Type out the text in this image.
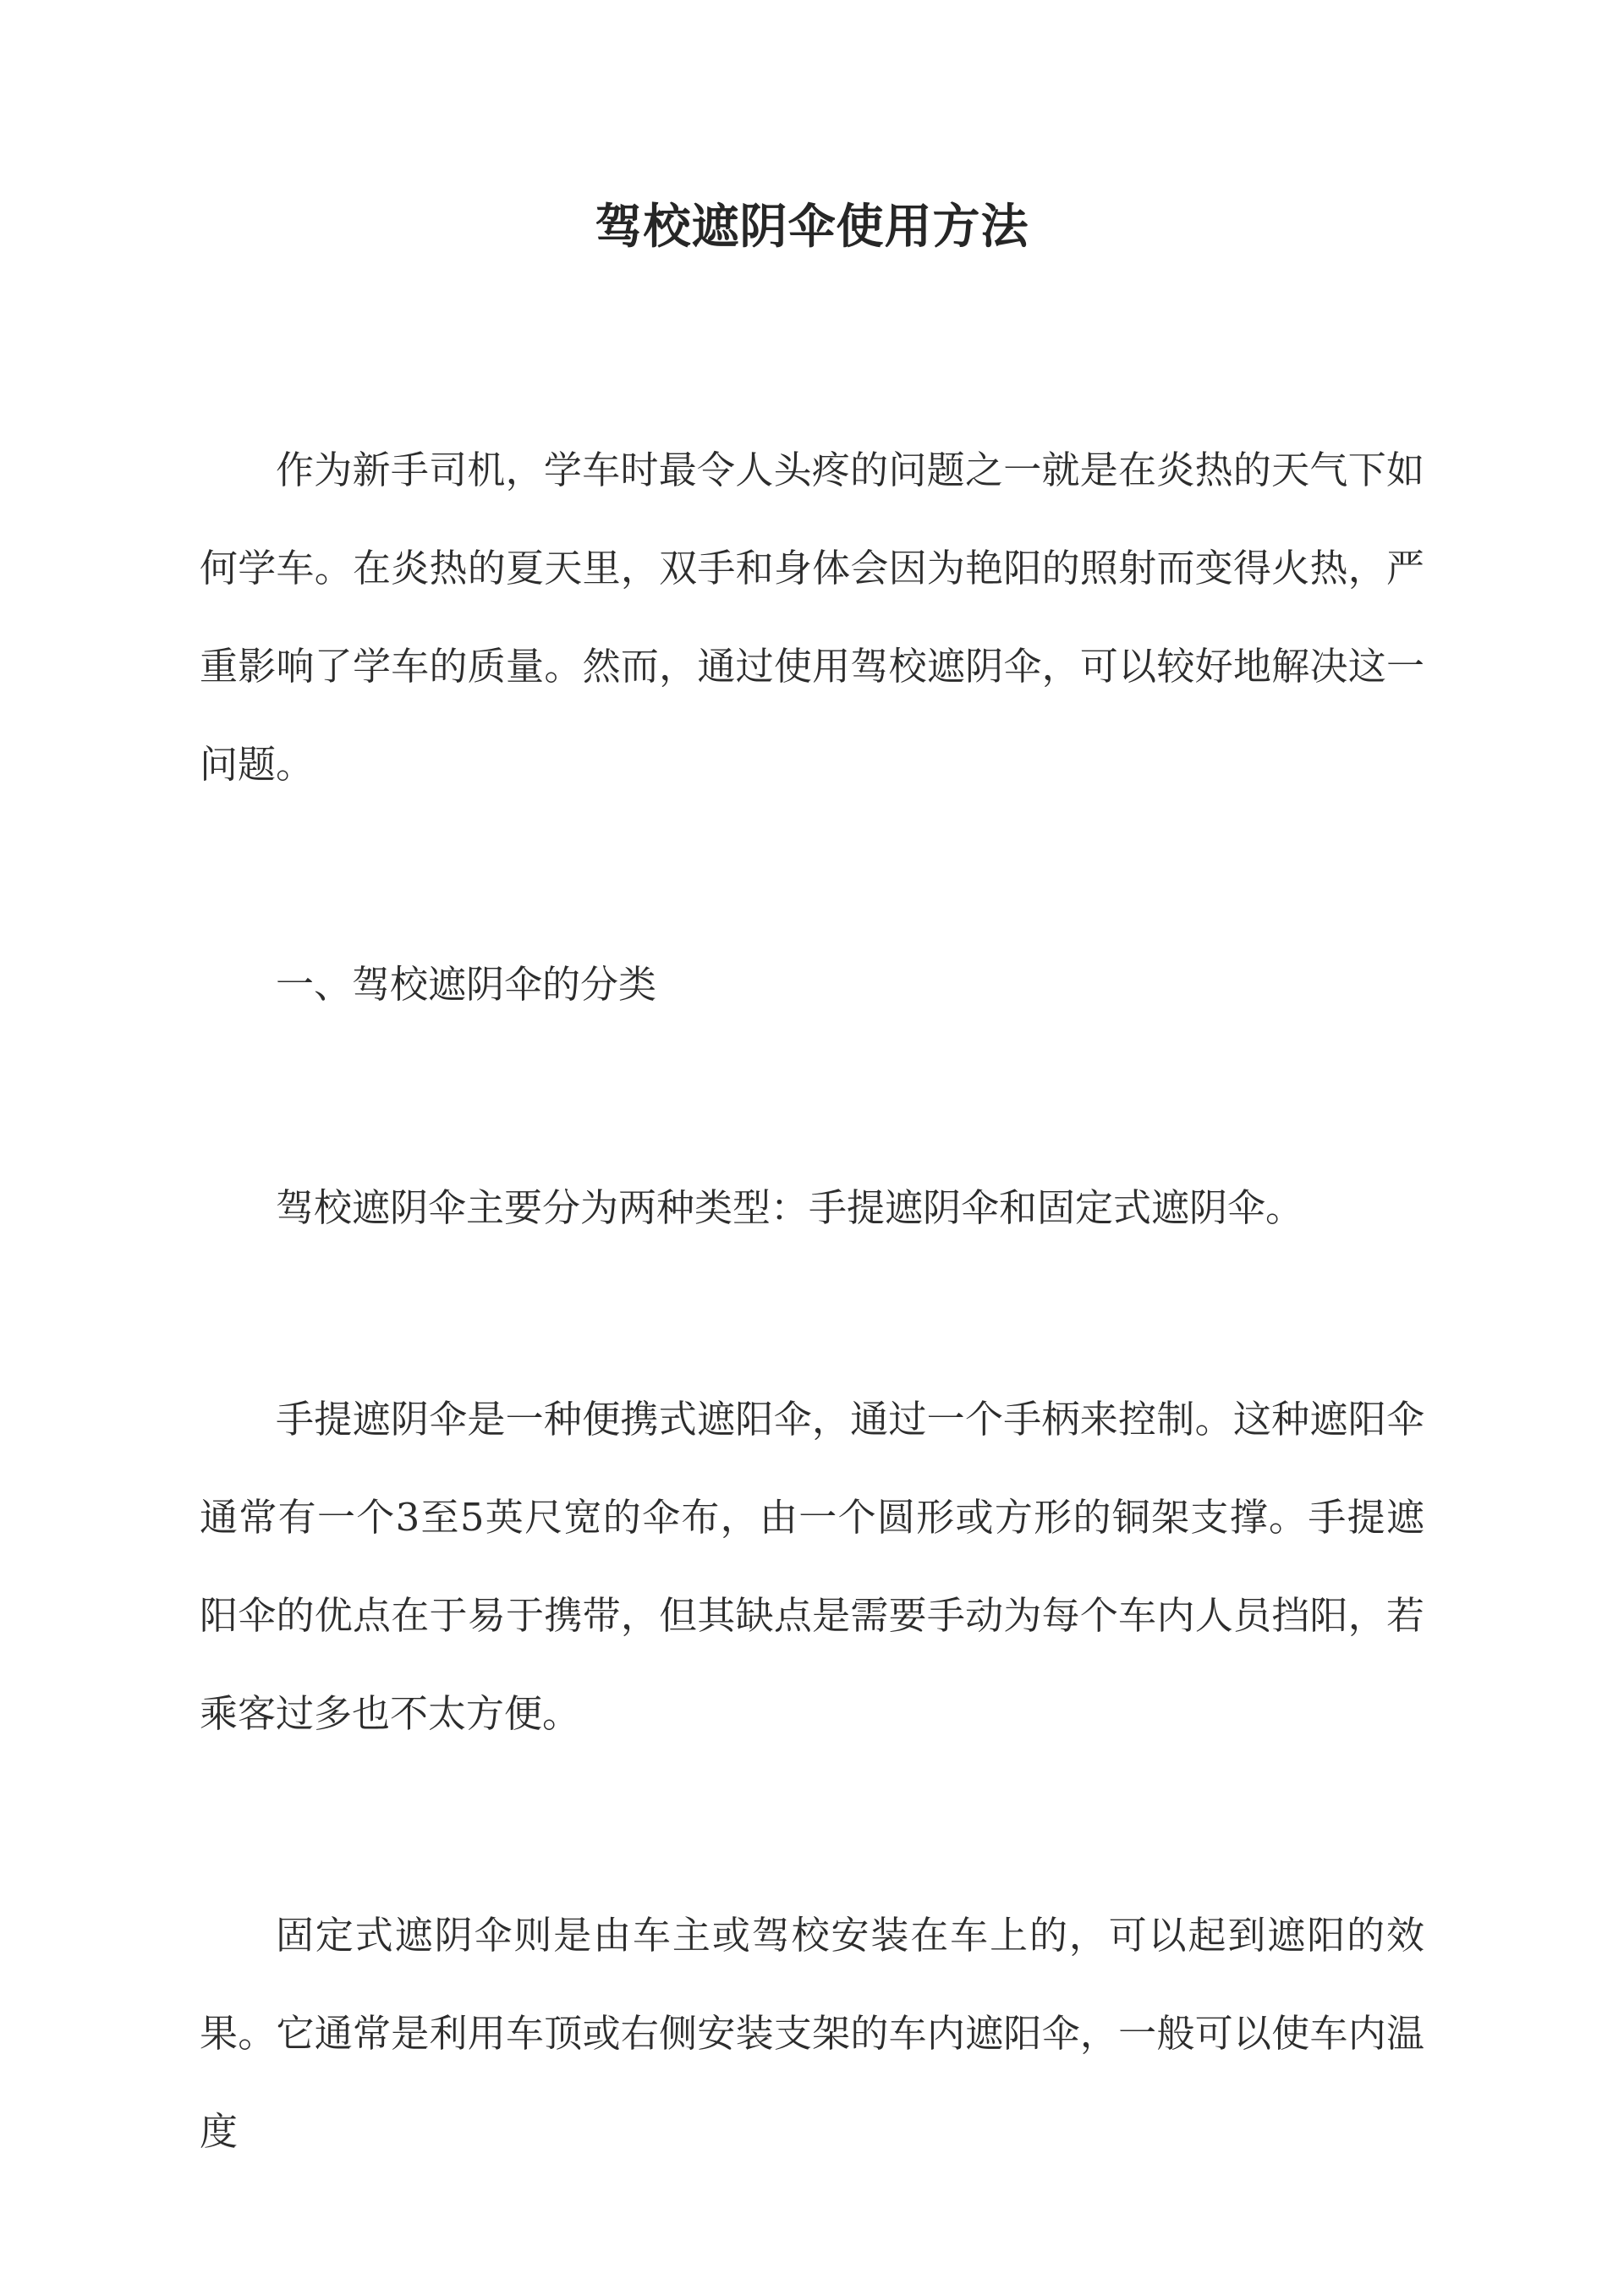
驾校遮阴伞使用方法

作为新手司机，学车时最令人头疼的问题之一就是在炎热的天气下如何学车。在炎热的夏天里，双手和身体会因为艳阳的照射而变得火热，严重影响了学车的质量。然而，通过使用驾校遮阴伞，可以较好地解决这一问题。

一、驾校遮阴伞的分类

驾校遮阴伞主要分为两种类型：手提遮阴伞和固定式遮阴伞。

手提遮阴伞是一种便携式遮阳伞，通过一个手柄来控制。这种遮阳伞通常有一个3至5英尺宽的伞布，由一个圆形或方形的铜架支撑。手提遮阳伞的优点在于易于携带，但其缺点是需要手动为每个车内人员挡阳，若乘客过多也不太方便。

固定式遮阴伞则是由车主或驾校安装在车上的，可以起到遮阳的效果。它通常是利用车顶或右侧安装支架的车内遮阳伞，一般可以使车内温度
